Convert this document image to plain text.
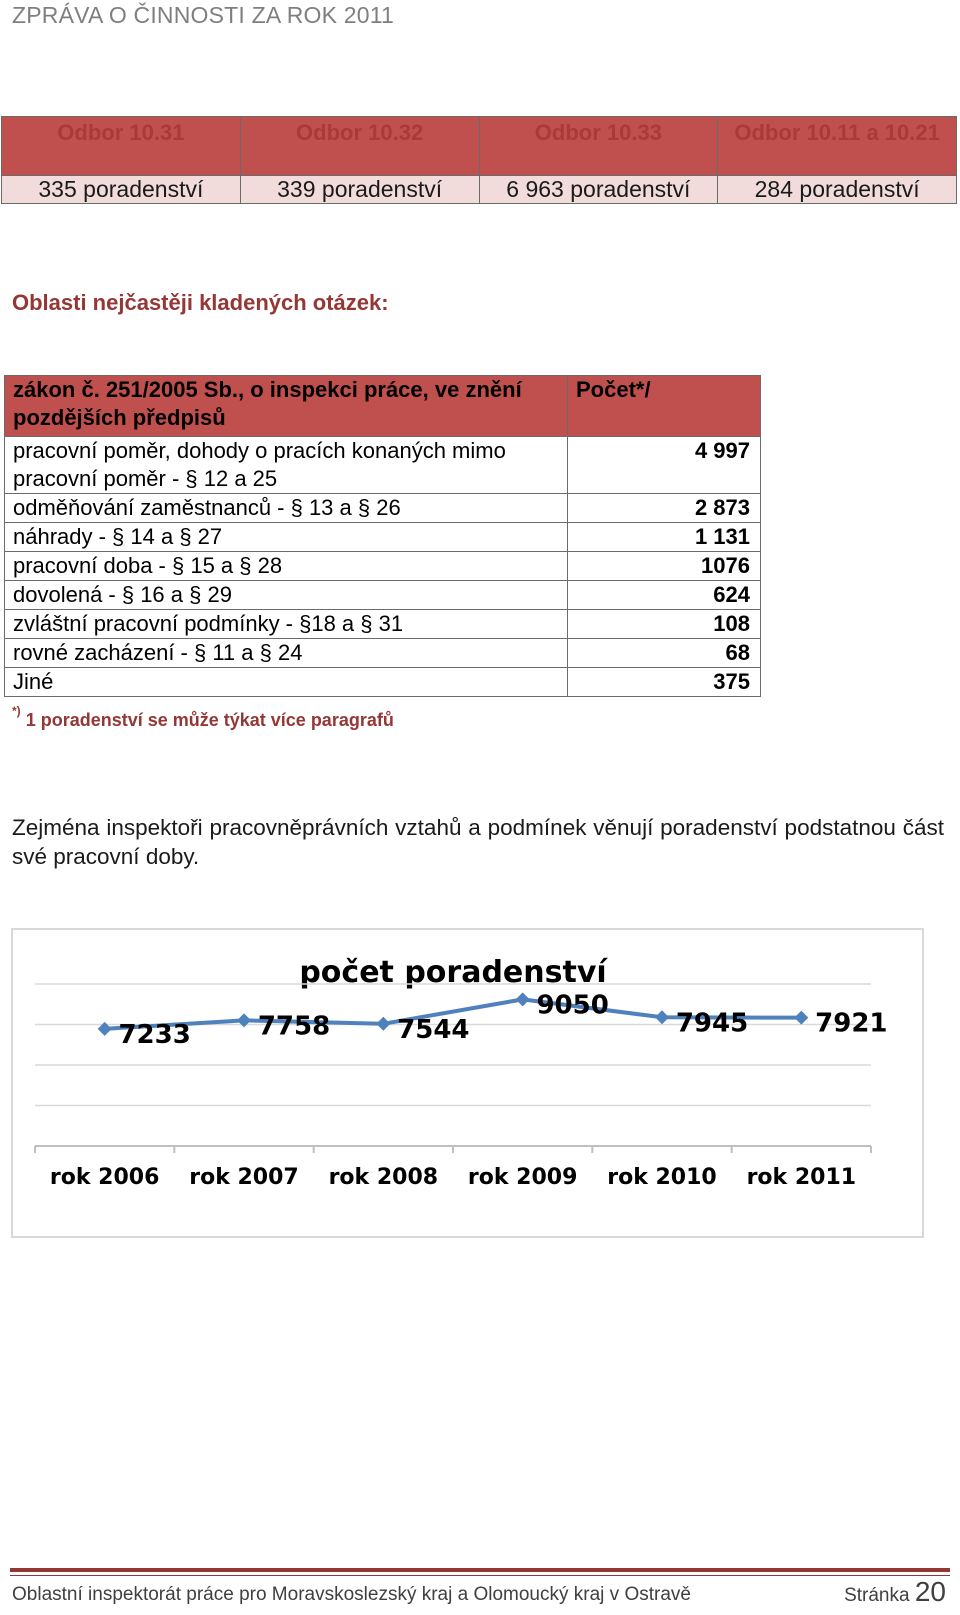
ZPRÁVA O ČINNOSTI ZA ROK 2011
Odbor 10.31	Odbor 10.32	Odbor 10.33	Odbor 10.11 a 10.21
335 poradenství	339 poradenství	6 963 poradenství	284 poradenství
Oblasti nejčastěji kladených otázek:
zákon č. 251/2005 Sb., o inspekci práce, ve znění pozdějších předpisů	Počet*/
pracovní poměr, dohody o pracích konaných mimo pracovní poměr - § 12 a 25	4 997
odměňování zaměstnanců - § 13 a § 26	2 873
náhrady - § 14 a § 27	1 131
pracovní doba - § 15 a § 28	1076
dovolená - § 16 a § 29	624
zvláštní pracovní podmínky - §18 a § 31	108
rovné zacházení - § 11 a § 24	68
Jiné	375
*) 1 poradenství se může týkat více paragrafů
Zejména inspektoři pracovněprávních vztahů a podmínek věnují poradenství podstatnou část své pracovní doby.
počet poradenství
rok 2006 rok 2007 rok 2008 rok 2009 rok 2010 rok 2011
7233	7758	7544
9050
7945	7921
Oblastní inspektorát práce pro Moravskoslezský kraj a Olomoucký kraj v Ostravě	Stránka 20
